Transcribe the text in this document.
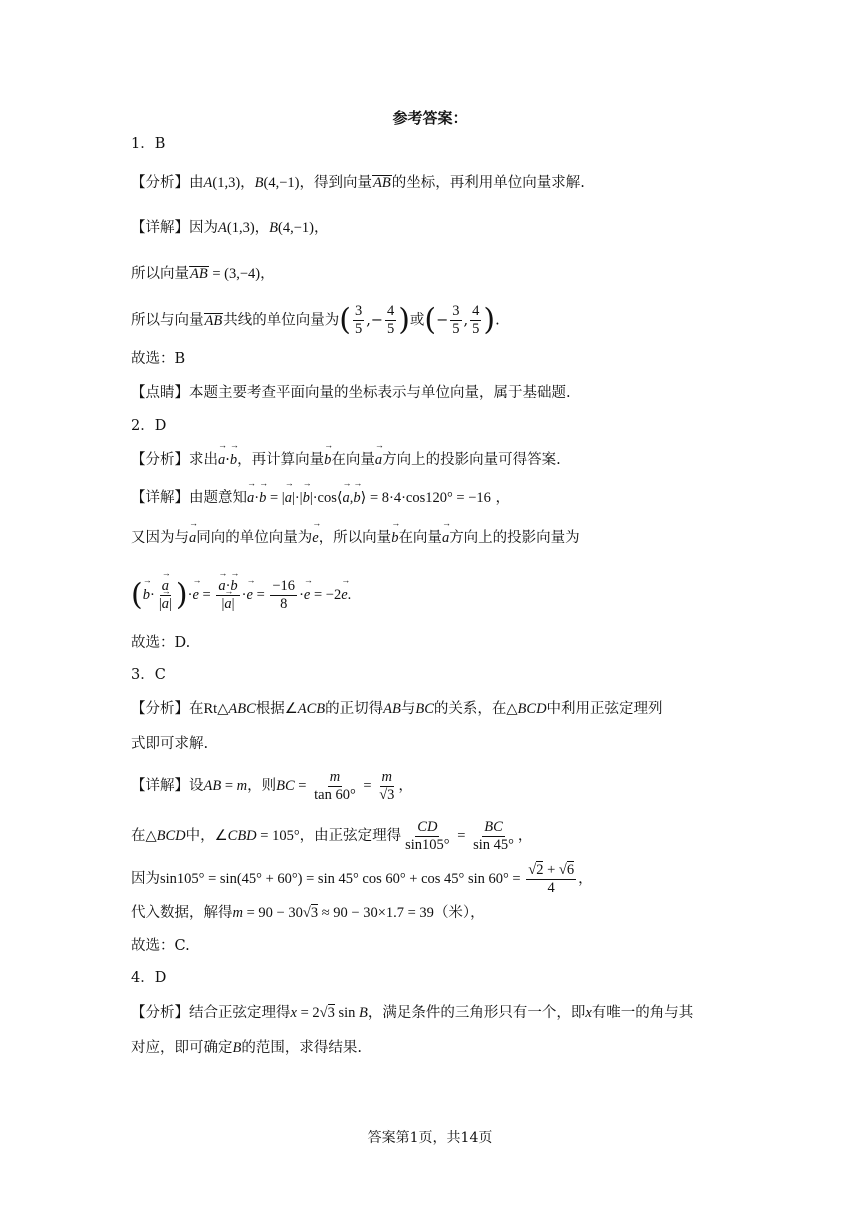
参考答案：
1．B
【分析】由A(1,3)，B(4,−1)，得到向量AB的坐标，再利用单位向量求解.
【详解】因为A(1,3)，B(4,−1)，
所以向量AB = (3,−4)，
所以与向量AB共线的单位向量为( $\frac{3}{5}$ ,− $\frac{4}{5}$ )或(− $\frac{3}{5}$ , $\frac{4}{5}$ ).
故选：B
【点睛】本题主要考查平面向量的坐标表示与单位向量，属于基础题.
2．D
【分析】求出→ a·→ b，再计算向量→ b在向量→ a方向上的投影向量可得答案.
【详解】由题意知→ a·→ b = |→ a|·|→ b|·cos⟨→ a,→ b⟩ = 8·4·cos120° = −16 ，
又因为与→ a同向的单位向量为→ e，所以向量→ b在向量→ a方向上的投影向量为
(→ b·
→ $\frac{a}{|\to a|}$ )·→ e =
→ $\frac{a\cdot\to b}{|\to a|} \cdot\to e = \frac{-16}{8} \cdot\to e = -2\to e$.
故选：D.
3．C
【分析】在Rt△ABC根据∠ACB的正切得AB与BC的关系，在△BCD中利用正弦定理列
式即可求解.
【详解】设AB = m，则BC = $\frac{m}{\tan 60^\circ} = \frac{m}{√3}$ ，
在△BCD中，∠CBD = 105°，由正弦定理得 $\frac{CD}{\sin 105^\circ} = \frac{BC}{\sin 45^\circ}$ ，
因为sin105° = sin(45° + 60°) = sin 45° cos 60° + cos 45° $\sin 60^\circ = \frac{√2 + √6}{4}$ ，
代入数据，解得m = 90 − 30√3 ≈ 90 − 30×1.7 = 39（米），
故选：C.
4．D
【分析】结合正弦定理得x = 2√3 sin B，满足条件的三角形只有一个，即x有唯一的角与其
对应，即可确定B的范围，求得结果.
答案第1页，共14页
